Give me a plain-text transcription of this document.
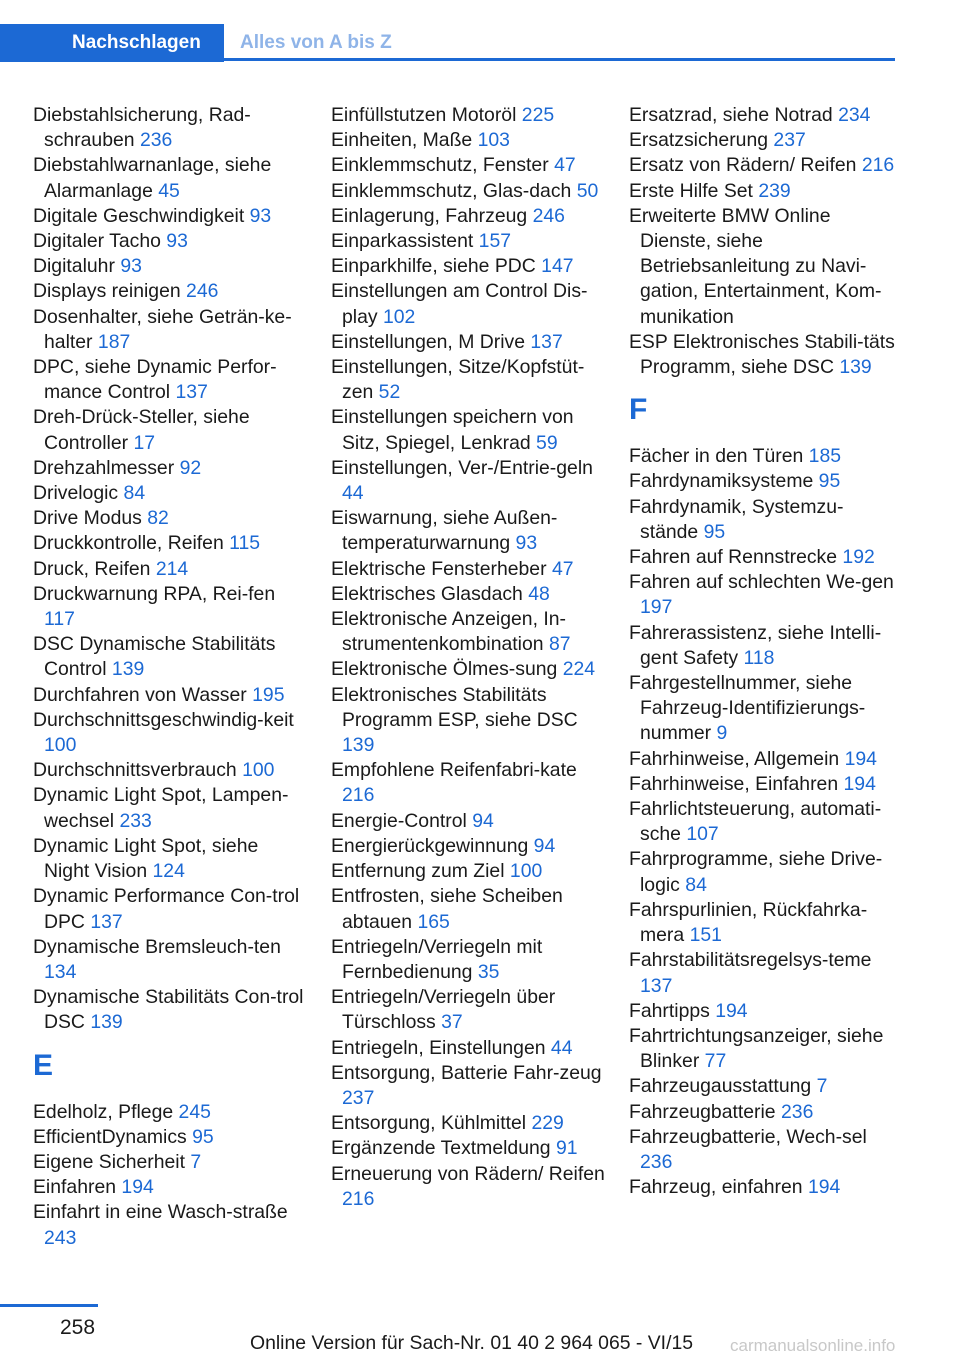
Nachschlagen	Alles von A bis Z
Diebstahlsicherung, Rad‐schrauben 236
Diebstahlwarnanlage, siehe Alarmanlage 45
Digitale Geschwindigkeit 93
Digitaler Tacho 93
Digitaluhr 93
Displays reinigen 246
Dosenhalter, siehe Geträn‐ke‐halter 187
DPC, siehe Dynamic Perfor‐mance Control 137
Dreh-Drück-Steller, siehe Controller 17
Drehzahlmesser 92
Drivelogic 84
Drive Modus 82
Druckkontrolle, Reifen 115
Druck, Reifen 214
Druckwarnung RPA, Rei‐fen 117
DSC Dynamische Stabilitäts Control 139
Durchfahren von Wasser 195
Durchschnittsgeschwindig‐keit 100
Durchschnittsverbrauch 100
Dynamic Light Spot, Lampen‐wechsel 233
Dynamic Light Spot, siehe Night Vision 124
Dynamic Performance Con‐trol DPC 137
Dynamische Bremsleuch‐ten 134
Dynamische Stabilitäts Con‐trol DSC 139
E
Edelholz, Pflege 245
EfficientDynamics 95
Eigene Sicherheit 7
Einfahren 194
Einfahrt in eine Wasch‐straße 243
Einfüllstutzen Motoröl 225
Einheiten, Maße 103
Einklemmschutz, Fenster 47
Einklemmschutz, Glas‐dach 50
Einlagerung, Fahrzeug 246
Einparkassistent 157
Einparkhilfe, siehe PDC 147
Einstellungen am Control Dis‐play 102
Einstellungen, M Drive 137
Einstellungen, Sitze/Kopfstüt‐zen 52
Einstellungen speichern von Sitz, Spiegel, Lenkrad 59
Einstellungen, Ver-/Entrie‐geln 44
Eiswarnung, siehe Außen‐temperaturwarnung 93
Elektrische Fensterheber 47
Elektrisches Glasdach 48
Elektronische Anzeigen, In‐strumentenkombination 87
Elektronische Ölmes‐sung 224
Elektronisches Stabilitäts Programm ESP, siehe DSC 139
Empfohlene Reifenfabri‐kate 216
Energie-Control 94
Energierückgewinnung 94
Entfernung zum Ziel 100
Entfrosten, siehe Scheiben abtauen 165
Entriegeln/Verriegeln mit Fernbedienung 35
Entriegeln/Verriegeln über Türschloss 37
Entriegeln, Einstellungen 44
Entsorgung, Batterie Fahr‐zeug 237
Entsorgung, Kühlmittel 229
Ergänzende Textmeldung 91
Erneuerung von Rädern/ Reifen 216
Ersatzrad, siehe Notrad 234
Ersatzsicherung 237
Ersatz von Rädern/ Reifen 216
Erste Hilfe Set 239
Erweiterte BMW Online Dienste, siehe Betriebsanleitung zu Navi‐gation, Entertainment, Kom‐munikation
ESP Elektronisches Stabili‐täts Programm, siehe DSC 139
F
Fächer in den Türen 185
Fahrdynamiksysteme 95
Fahrdynamik, Systemzu‐stände 95
Fahren auf Rennstrecke 192
Fahren auf schlechten We‐gen 197
Fahrerassistenz, siehe Intelli‐gent Safety 118
Fahrgestellnummer, siehe Fahrzeug-Identifizierungs‐nummer 9
Fahrhinweise, Allgemein 194
Fahrhinweise, Einfahren 194
Fahrlichtsteuerung, automati‐sche 107
Fahrprogramme, siehe Drive‐logic 84
Fahrspurlinien, Rückfahrka‐mera 151
Fahrstabilitätsregelsys‐teme 137
Fahrtipps 194
Fahrtrichtungsanzeiger, siehe Blinker 77
Fahrzeugausstattung 7
Fahrzeugbatterie 236
Fahrzeugbatterie, Wech‐sel 236
Fahrzeug, einfahren 194
258
Online Version für Sach-Nr. 01 40 2 964 065 - VI/15 carmanualsonline.info
